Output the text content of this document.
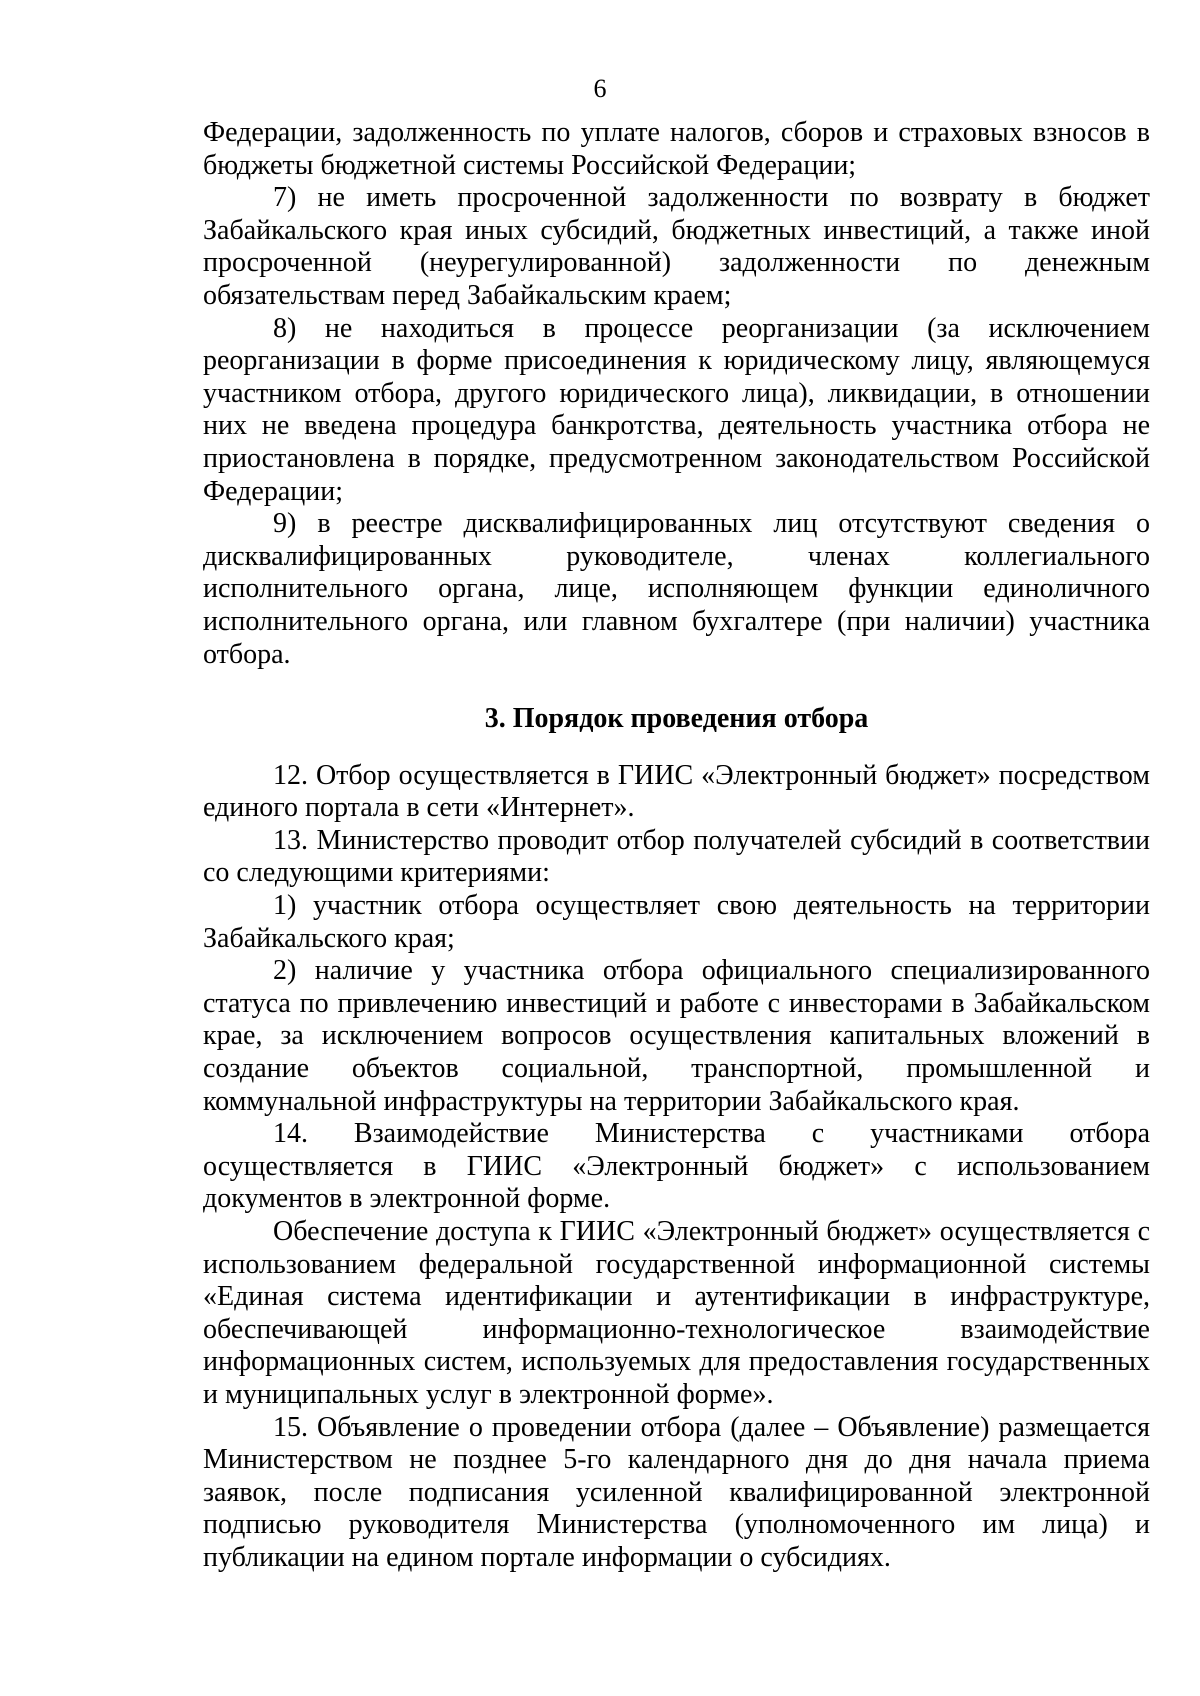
6

Федерации, задолженность по уплате налогов, сборов и страховых взносов в бюджеты бюджетной системы Российской Федерации;

7) не иметь просроченной задолженности по возврату в бюджет Забайкальского края иных субсидий, бюджетных инвестиций, а также иной просроченной (неурегулированной) задолженности по денежным обязательствам перед Забайкальским краем;

8) не находиться в процессе реорганизации (за исключением реорганизации в форме присоединения к юридическому лицу, являющемуся участником отбора, другого юридического лица), ликвидации, в отношении них не введена процедура банкротства, деятельность участника отбора не приостановлена в порядке, предусмотренном законодательством Российской Федерации;

9) в реестре дисквалифицированных лиц отсутствуют сведения о дисквалифицированных руководителе, членах коллегиального исполнительного органа, лице, исполняющем функции единоличного исполнительного органа, или главном бухгалтере (при наличии) участника отбора.

3. Порядок проведения отбора

12. Отбор осуществляется в ГИИС «Электронный бюджет» посредством единого портала в сети «Интернет».

13. Министерство проводит отбор получателей субсидий в соответствии со следующими критериями:

1) участник отбора осуществляет свою деятельность на территории Забайкальского края;

2) наличие у участника отбора официального специализированного статуса по привлечению инвестиций и работе с инвесторами в Забайкальском крае, за исключением вопросов осуществления капитальных вложений в создание объектов социальной, транспортной, промышленной и коммунальной инфраструктуры на территории Забайкальского края.

14. Взаимодействие Министерства с участниками отбора осуществляется в ГИИС «Электронный бюджет» с использованием документов в электронной форме.

Обеспечение доступа к ГИИС «Электронный бюджет» осуществляется с использованием федеральной государственной информационной системы «Единая система идентификации и аутентификации в инфраструктуре, обеспечивающей информационно-технологическое взаимодействие информационных систем, используемых для предоставления государственных и муниципальных услуг в электронной форме».

15. Объявление о проведении отбора (далее – Объявление) размещается Министерством не позднее 5-го календарного дня до дня начала приема заявок, после подписания усиленной квалифицированной электронной подписью руководителя Министерства (уполномоченного им лица) и публикации на едином портале информации о субсидиях.
